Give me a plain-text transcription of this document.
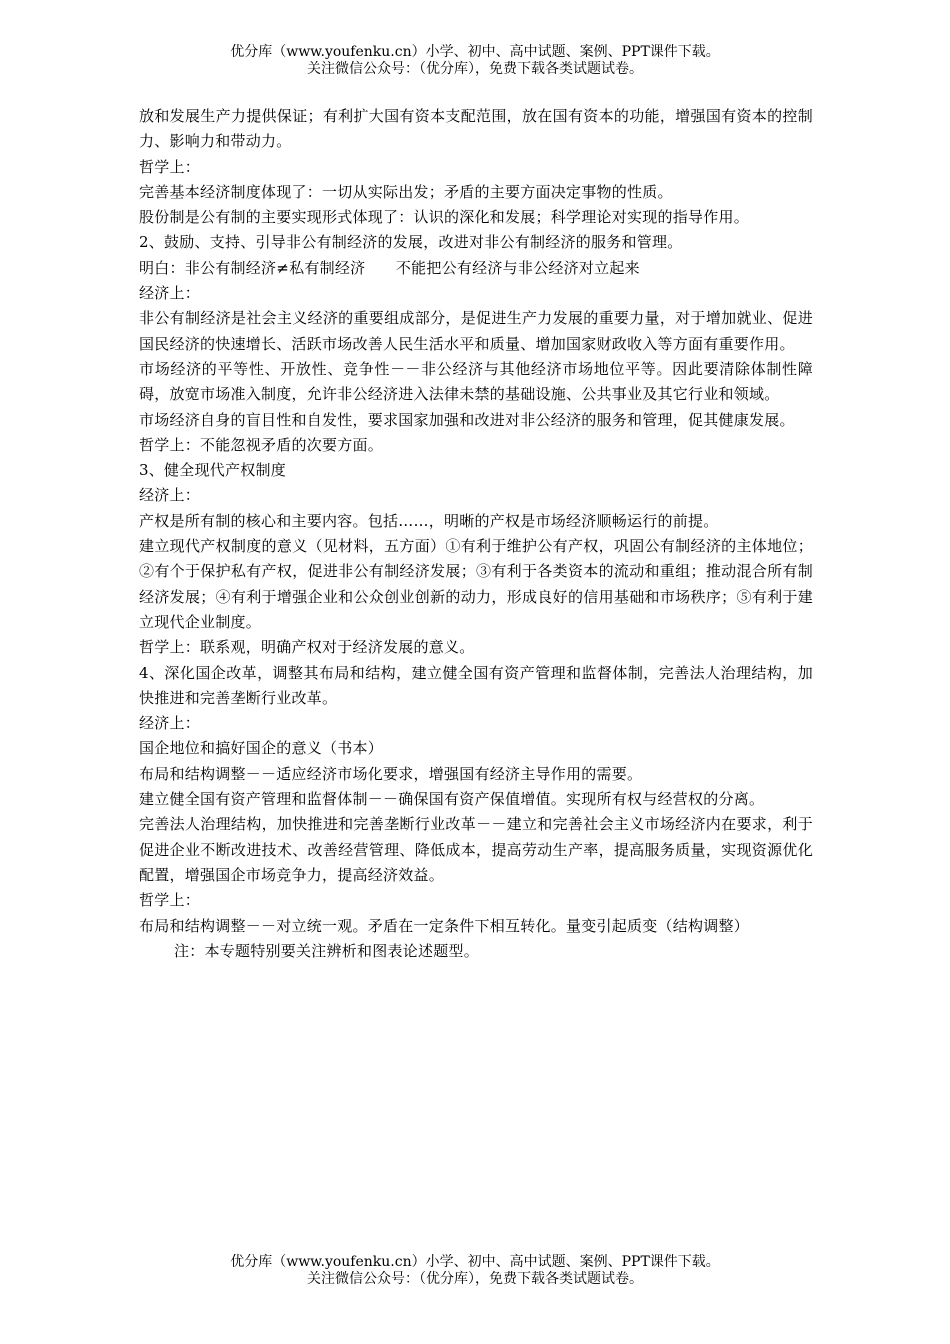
优分库（www.youfenku.cn）小学、初中、高中试题、案例、PPT课件下载。
关注微信公众号：（优分库），免费下载各类试题试卷。

放和发展生产力提供保证；有利扩大国有资本支配范围，放在国有资本的功能，增强国有资本的控制力、影响力和带动力。

哲学上：

完善基本经济制度体现了：一切从实际出发；矛盾的主要方面决定事物的性质。

股份制是公有制的主要实现形式体现了：认识的深化和发展；科学理论对实现的指导作用。

2、鼓励、支持、引导非公有制经济的发展，改进对非公有制经济的服务和管理。

明白：非公有制经济≠私有制经济　　不能把公有经济与非公经济对立起来

经济上：

非公有制经济是社会主义经济的重要组成部分，是促进生产力发展的重要力量，对于增加就业、促进国民经济的快速增长、活跃市场改善人民生活水平和质量、增加国家财政收入等方面有重要作用。

市场经济的平等性、开放性、竞争性－－非公经济与其他经济市场地位平等。因此要清除体制性障碍，放宽市场准入制度，允许非公经济进入法律未禁的基础设施、公共事业及其它行业和领域。

市场经济自身的盲目性和自发性，要求国家加强和改进对非公经济的服务和管理，促其健康发展。

哲学上：不能忽视矛盾的次要方面。

3、健全现代产权制度

经济上：

产权是所有制的核心和主要内容。包括……，明晰的产权是市场经济顺畅运行的前提。

建立现代产权制度的意义（见材料，五方面）①有利于维护公有产权，巩固公有制经济的主体地位；②有个于保护私有产权，促进非公有制经济发展；③有利于各类资本的流动和重组；推动混合所有制经济发展；④有利于增强企业和公众创业创新的动力，形成良好的信用基础和市场秩序；⑤有利于建立现代企业制度。

哲学上：联系观，明确产权对于经济发展的意义。

4、深化国企改革，调整其布局和结构，建立健全国有资产管理和监督体制，完善法人治理结构，加快推进和完善垄断行业改革。

经济上：

国企地位和搞好国企的意义（书本）

布局和结构调整－－适应经济市场化要求，增强国有经济主导作用的需要。

建立健全国有资产管理和监督体制－－确保国有资产保值增值。实现所有权与经营权的分离。

完善法人治理结构，加快推进和完善垄断行业改革－－建立和完善社会主义市场经济内在要求，利于促进企业不断改进技术、改善经营管理、降低成本，提高劳动生产率，提高服务质量，实现资源优化配置，增强国企市场竞争力，提高经济效益。

哲学上：

布局和结构调整－－对立统一观。矛盾在一定条件下相互转化。量变引起质变（结构调整）

注：本专题特别要关注辨析和图表论述题型。

优分库（www.youfenku.cn）小学、初中、高中试题、案例、PPT课件下载。
关注微信公众号：（优分库），免费下载各类试题试卷。
